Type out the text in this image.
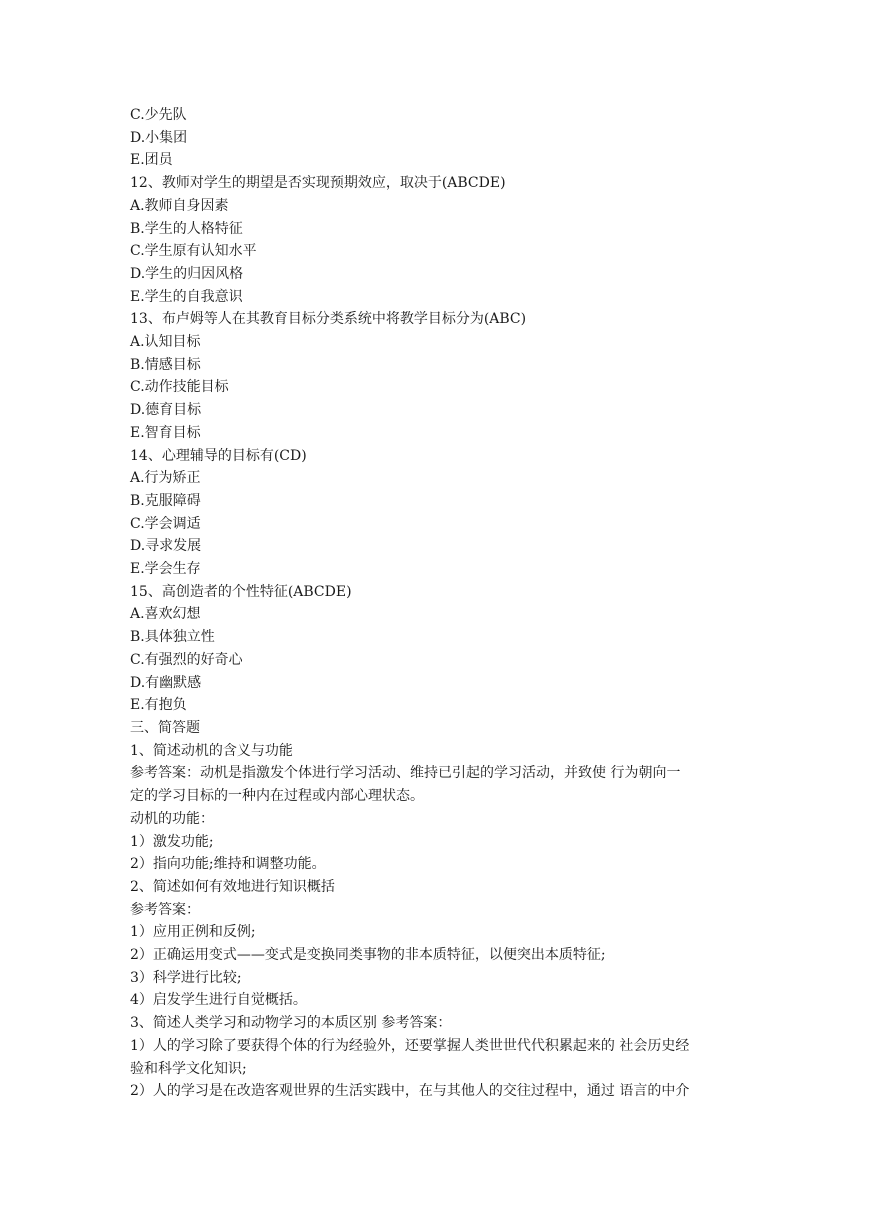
C.少先队

D.小集团

E.团员

12、教师对学生的期望是否实现预期效应，取决于(ABCDE)

A.教师自身因素

B.学生的人格特征

C.学生原有认知水平

D.学生的归因风格

E.学生的自我意识

13、布卢姆等人在其教育目标分类系统中将教学目标分为(ABC)

A.认知目标

B.情感目标

C.动作技能目标

D.德育目标

E.智育目标

14、心理辅导的目标有(CD)

A.行为矫正

B.克服障碍

C.学会调适

D.寻求发展

E.学会生存

15、高创造者的个性特征(ABCDE)

A.喜欢幻想

B.具体独立性

C.有强烈的好奇心

D.有幽默感

E.有抱负

三、简答题

1、简述动机的含义与功能

参考答案：动机是指激发个体进行学习活动、维持已引起的学习活动，并致使 行为朝向一

定的学习目标的一种内在过程或内部心理状态。

动机的功能：

1）激发功能;

2）指向功能;维持和调整功能。

2、简述如何有效地进行知识概括

参考答案：

1）应用正例和反例;

2）正确运用变式——变式是变换同类事物的非本质特征，以便突出本质特征;

3）科学进行比较;

4）启发学生进行自觉概括。

3、简述人类学习和动物学习的本质区别 参考答案：

1）人的学习除了要获得个体的行为经验外，还要掌握人类世世代代积累起来的 社会历史经

验和科学文化知识;

2）人的学习是在改造客观世界的生活实践中，在与其他人的交往过程中，通过 语言的中介
